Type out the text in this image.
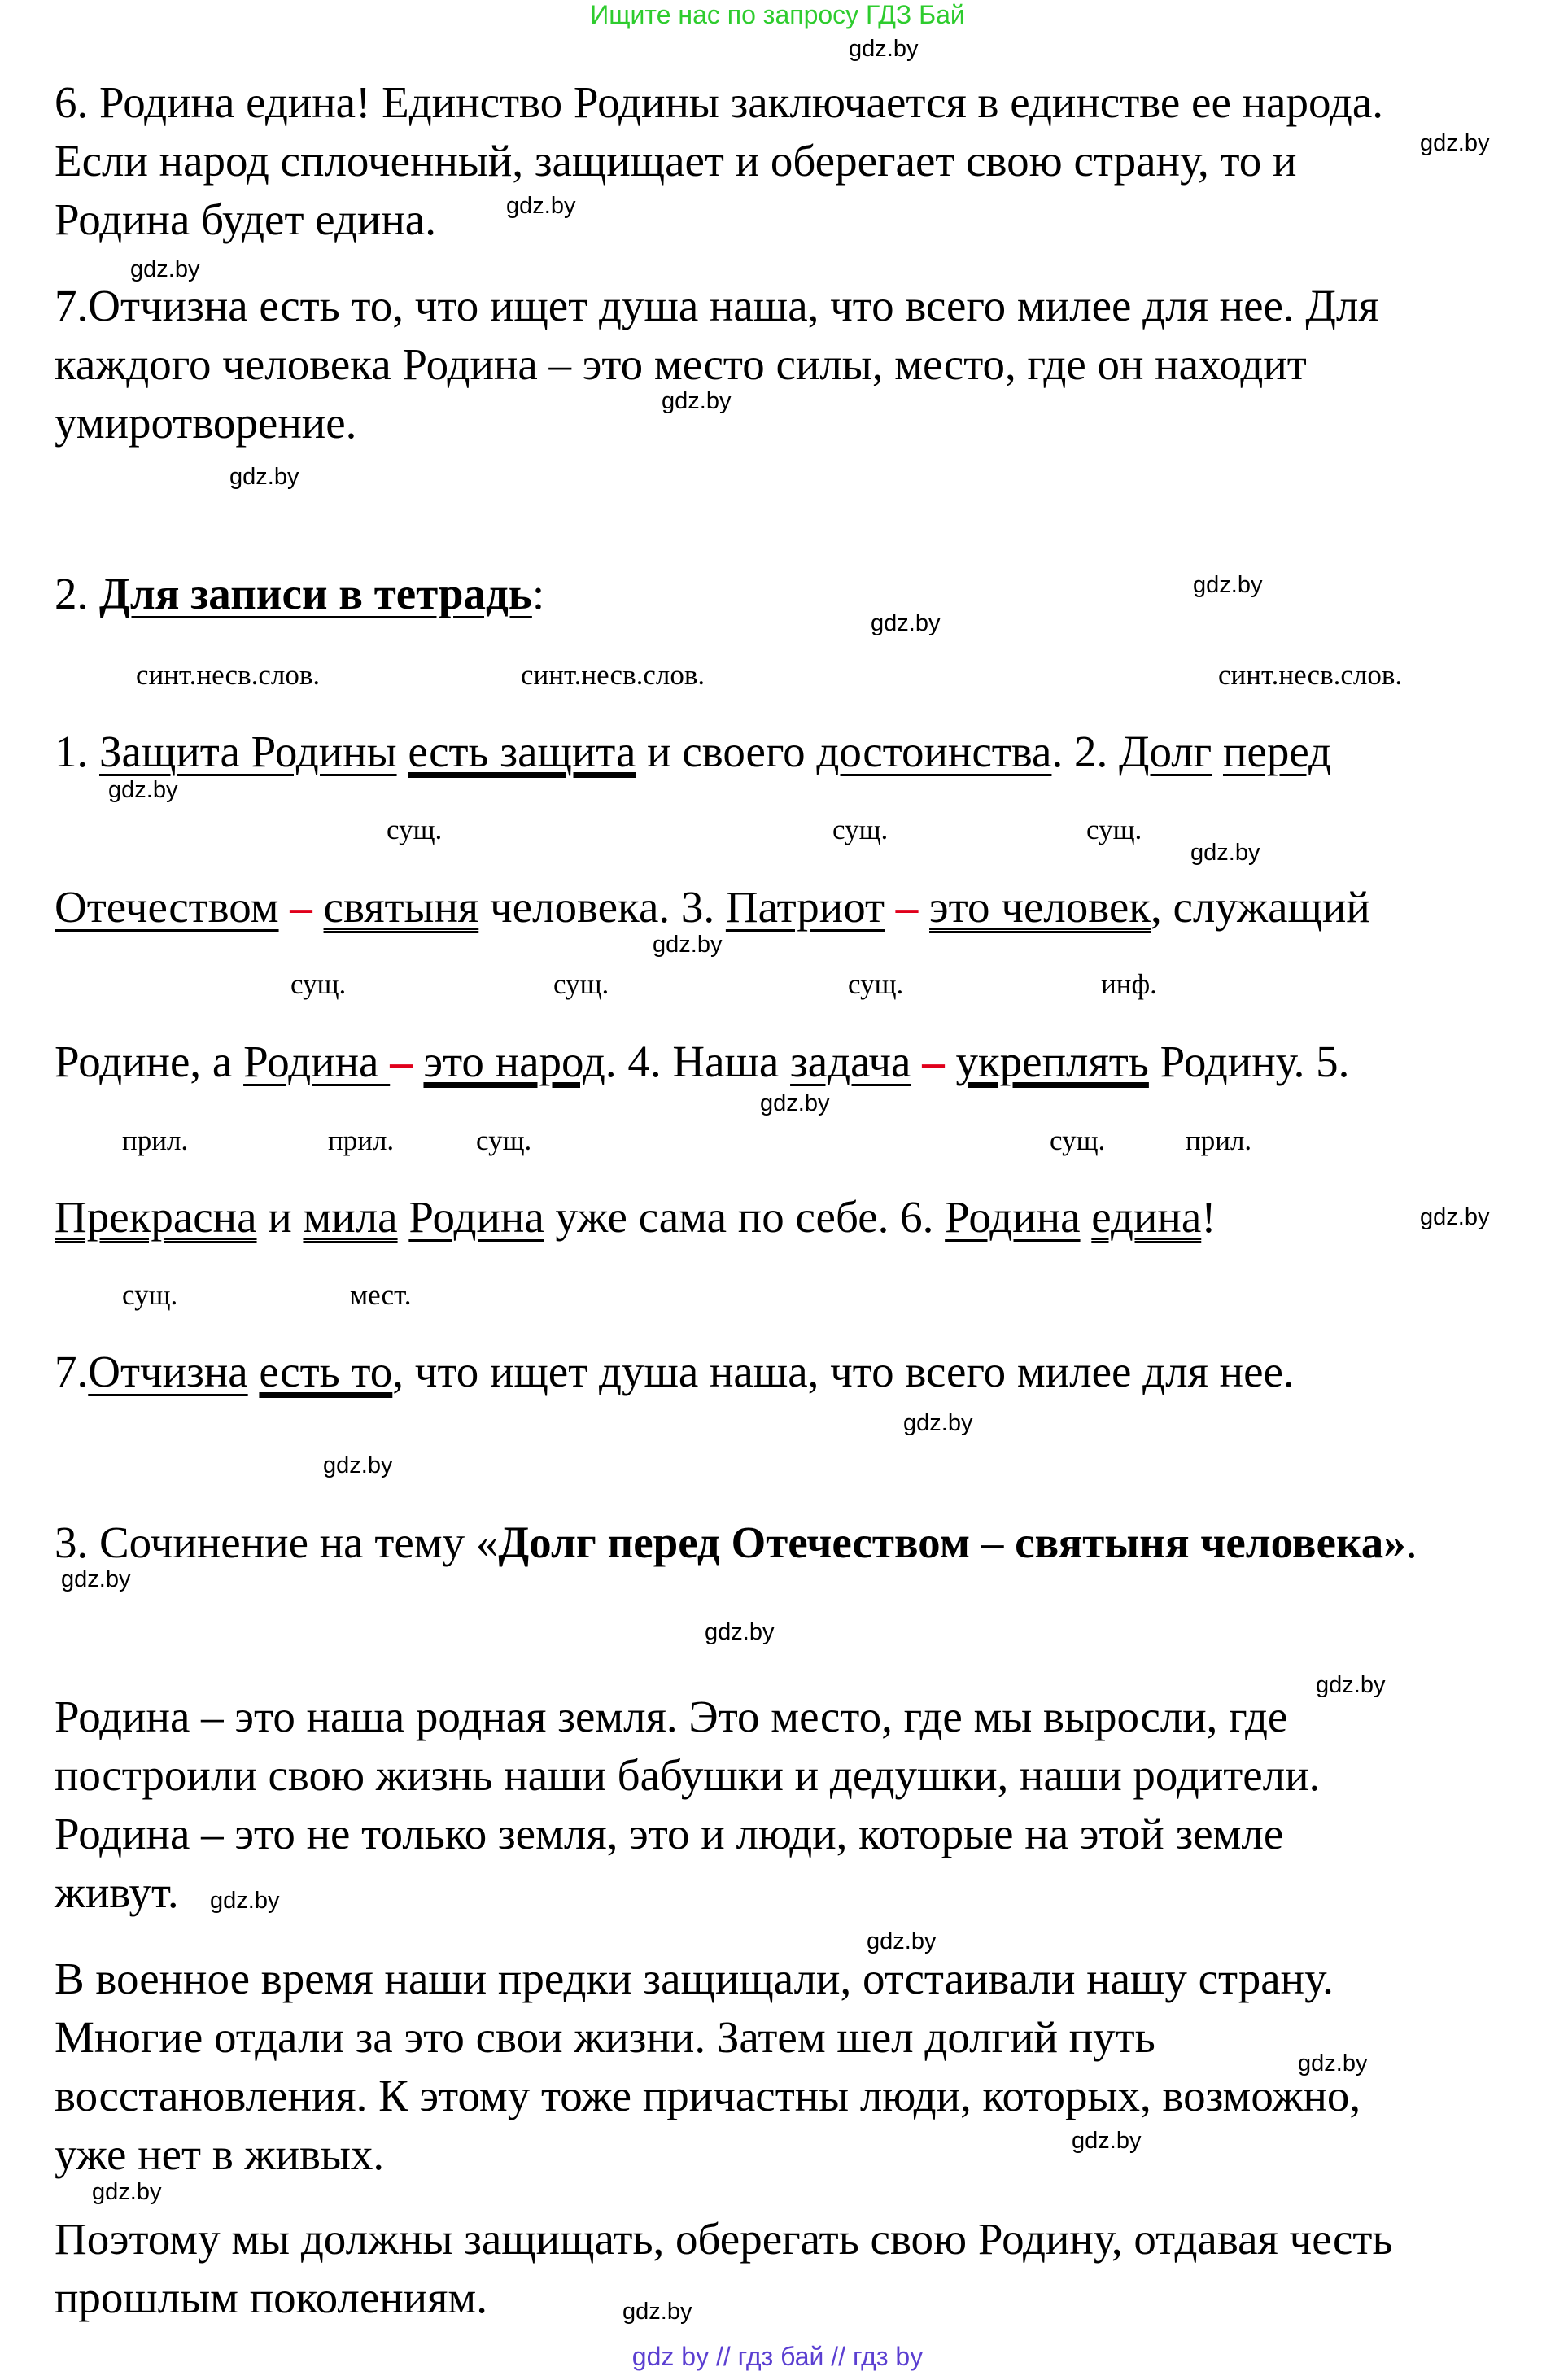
Ищите нас по запросу ГДЗ Бай
6. Родина едина! Единство Родины заключается в единстве ее народа.
Если народ сплоченный, защищает и оберегает свою страну, то и
Родина будет едина.
7.Отчизна есть то, что ищет душа наша, что всего милее для нее. Для
каждого человека Родина – это место силы, место, где он находит
умиротворение.
2. Для записи в тетрадь:
синт.несв.слов.	синт.несв.слов.	синт.несв.слов.
1. Защита Родины есть защита и своего достоинства. 2. Долг перед
сущ.	сущ.	сущ.
Отечеством – святыня человека. 3. Патриот – это человек, служащий
сущ.	сущ.	сущ.	инф.
Родине, а Родина – это народ. 4. Наша задача – укреплять Родину. 5.
прил.	прил.	сущ.	сущ.	прил.
Прекрасна и мила Родина уже сама по себе. 6. Родина едина!
сущ.	мест.
7.Отчизна есть то, что ищет душа наша, что всего милее для нее.
3. Сочинение на тему «Долг перед Отечеством – святыня человека».
Родина – это наша родная земля. Это место, где мы выросли, где
построили свою жизнь наши бабушки и дедушки, наши родители.
Родина – это не только земля, это и люди, которые на этой земле
живут.
В военное время наши предки защищали, отстаивали нашу страну.
Многие отдали за это свои жизни. Затем шел долгий путь
восстановления. К этому тоже причастны люди, которых, возможно,
уже нет в живых.
Поэтому мы должны защищать, оберегать свою Родину, отдавая честь
прошлым поколениям.
gdz.by
gdz.by
gdz.by
gdz.by
gdz.by
gdz.by
gdz.by
gdz.by
gdz.by
gdz.by
gdz.by
gdz.by
gdz.by
gdz.by
gdz.by
gdz.by
gdz.by
gdz.by
gdz.by
gdz.by
gdz.by
gdz.by
gdz.by
gdz.by
gdz by // гдз бай // гдз by
